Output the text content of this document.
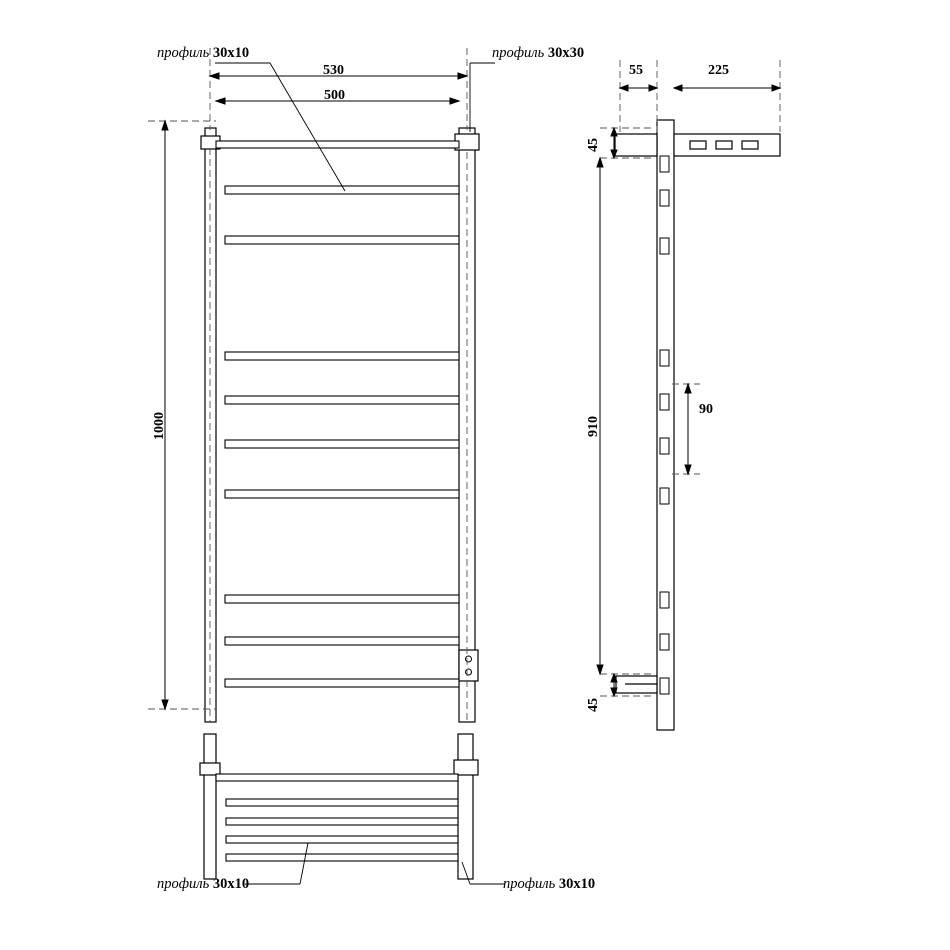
профиль 30x10	профиль 30x30
профиль 30x10	профиль 30x10
530
500
1000
55	225
45
910
45
90
